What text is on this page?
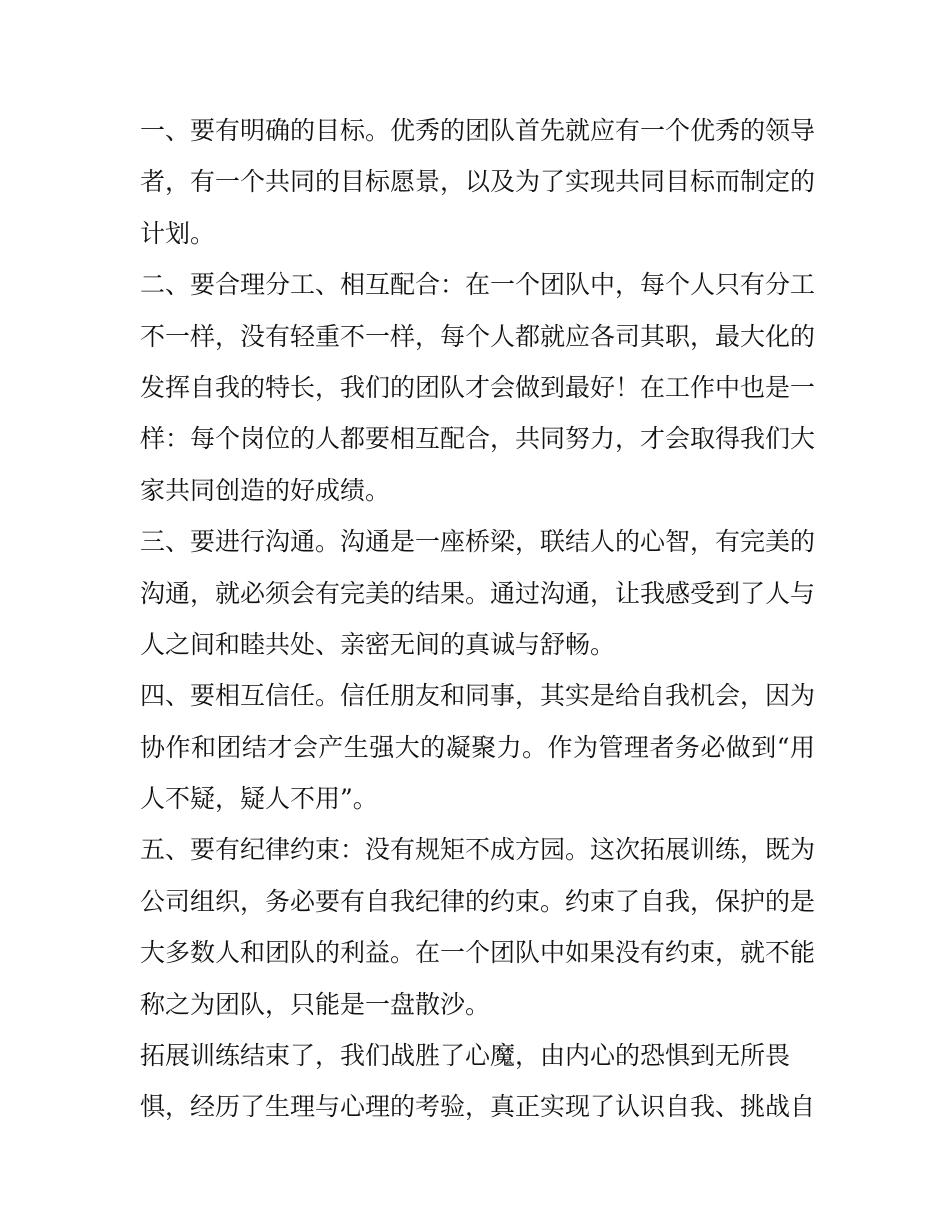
一、要有明确的目标。优秀的团队首先就应有一个优秀的领导
者，有一个共同的目标愿景，以及为了实现共同目标而制定的
计划。
二、要合理分工、相互配合：在一个团队中，每个人只有分工
不一样，没有轻重不一样，每个人都就应各司其职，最大化的
发挥自我的特长，我们的团队才会做到最好！在工作中也是一
样：每个岗位的人都要相互配合，共同努力，才会取得我们大
家共同创造的好成绩。
三、要进行沟通。沟通是一座桥梁，联结人的心智，有完美的
沟通，就必须会有完美的结果。通过沟通，让我感受到了人与
人之间和睦共处、亲密无间的真诚与舒畅。
四、要相互信任。信任朋友和同事，其实是给自我机会，因为
协作和团结才会产生强大的凝聚力。作为管理者务必做到“用
人不疑，疑人不用”。
五、要有纪律约束：没有规矩不成方园。这次拓展训练，既为
公司组织，务必要有自我纪律的约束。约束了自我，保护的是
大多数人和团队的利益。在一个团队中如果没有约束，就不能
称之为团队，只能是一盘散沙。
拓展训练结束了，我们战胜了心魔，由内心的恐惧到无所畏
惧，经历了生理与心理的考验，真正实现了认识自我、挑战自
